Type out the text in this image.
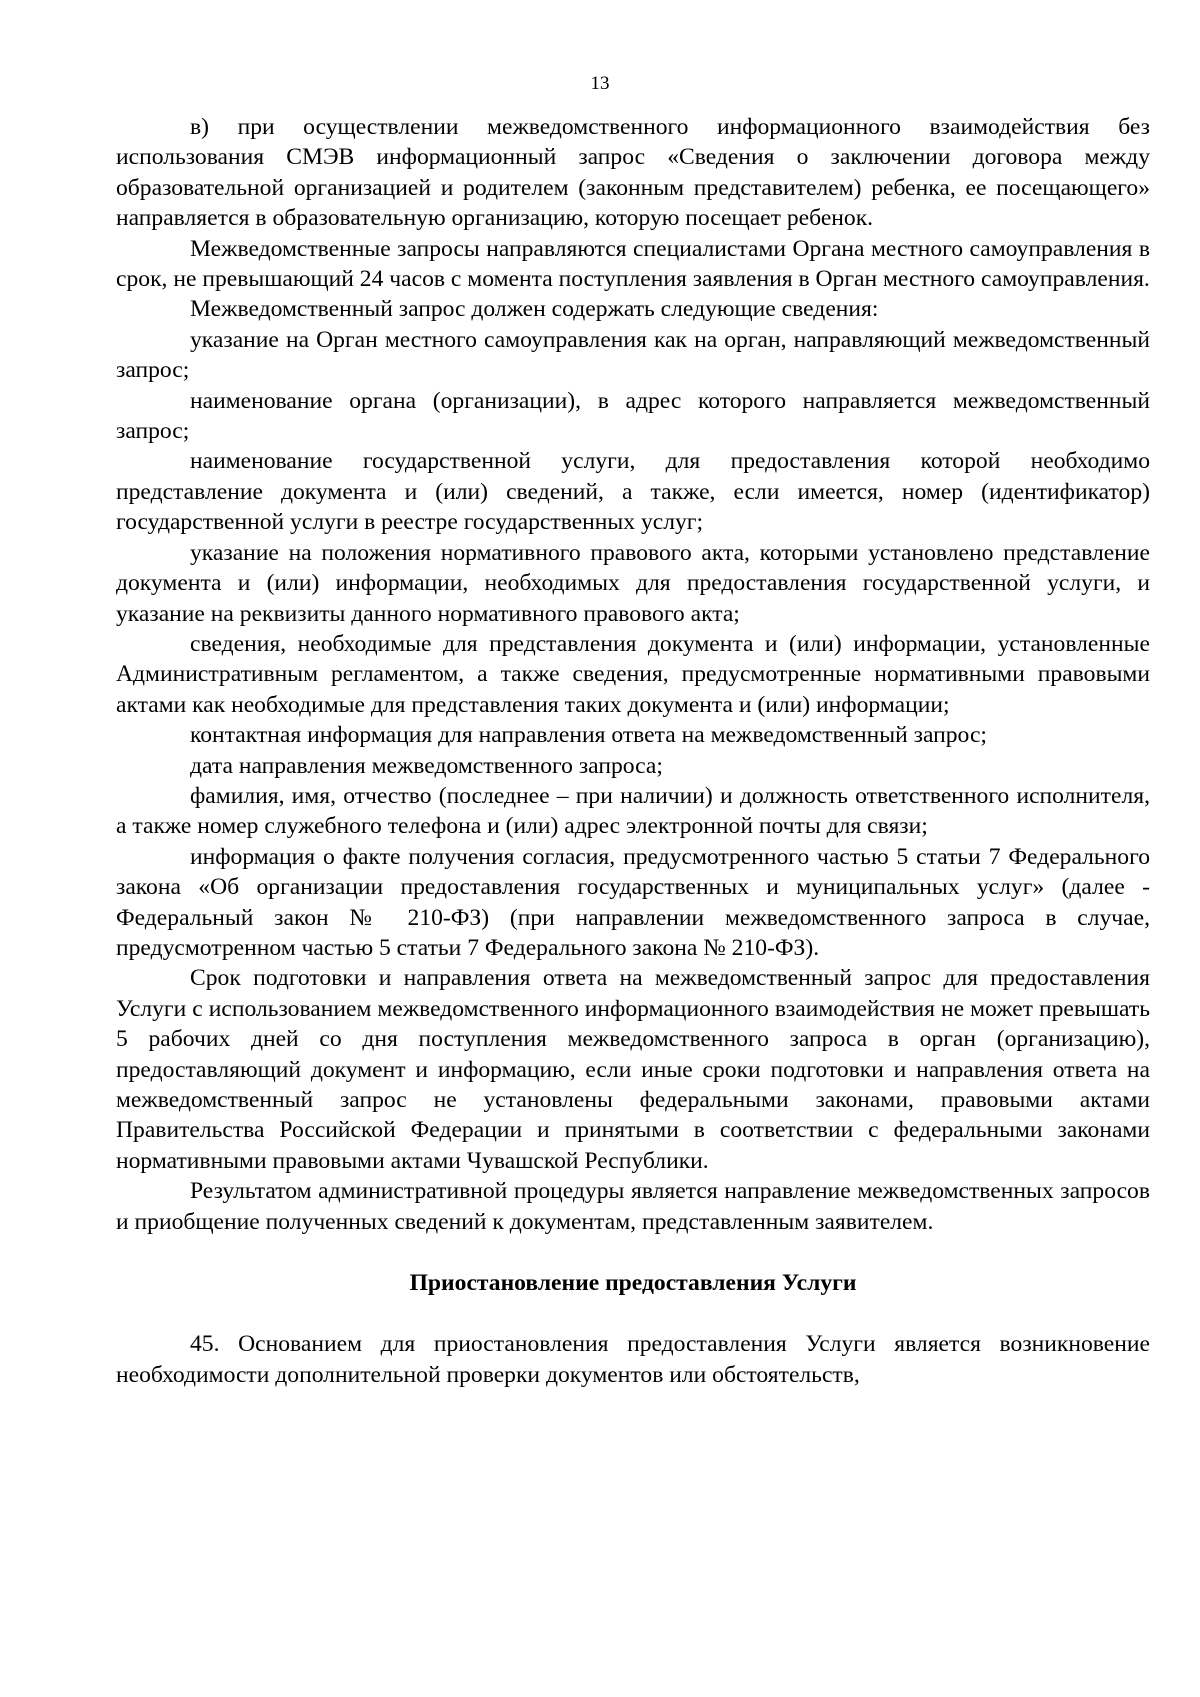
13

в) при осуществлении межведомственного информационного взаимодействия без использования СМЭВ информационный запрос «Сведения о заключении договора между образовательной организацией и родителем (законным представителем) ребенка, ее посещающего» направляется в образовательную организацию, которую посещает ребенок.

Межведомственные запросы направляются специалистами Органа местного самоуправления в срок, не превышающий 24 часов с момента поступления заявления в Орган местного самоуправления.

Межведомственный запрос должен содержать следующие сведения:

указание на Орган местного самоуправления как на орган, направляющий межведомственный запрос;

наименование органа (организации), в адрес которого направляется межведомственный запрос;

наименование государственной услуги, для предоставления которой необходимо представление документа и (или) сведений, а также, если имеется, номер (идентификатор) государственной услуги в реестре государственных услуг;

указание на положения нормативного правового акта, которыми установлено представление документа и (или) информации, необходимых для предоставления государственной услуги, и указание на реквизиты данного нормативного правового акта;

сведения, необходимые для представления документа и (или) информации, установленные Административным регламентом, а также сведения, предусмотренные нормативными правовыми актами как необходимые для представления таких документа и (или) информации;

контактная информация для направления ответа на межведомственный запрос;

дата направления межведомственного запроса;

фамилия, имя, отчество (последнее – при наличии) и должность ответственного исполнителя, а также номер служебного телефона и (или) адрес электронной почты для связи;

информация о факте получения согласия, предусмотренного частью 5 статьи 7 Федерального закона «Об организации предоставления государственных и муниципальных услуг» (далее - Федеральный закон № 210-ФЗ) (при направлении межведомственного запроса в случае, предусмотренном частью 5 статьи 7 Федерального закона № 210-ФЗ).

Срок подготовки и направления ответа на межведомственный запрос для предоставления Услуги с использованием межведомственного информационного взаимодействия не может превышать 5 рабочих дней со дня поступления межведомственного запроса в орган (организацию), предоставляющий документ и информацию, если иные сроки подготовки и направления ответа на межведомственный запрос не установлены федеральными законами, правовыми актами Правительства Российской Федерации и принятыми в соответствии с федеральными законами нормативными правовыми актами Чувашской Республики.

Результатом административной процедуры является направление межведомственных запросов и приобщение полученных сведений к документам, представленным заявителем.

Приостановление предоставления Услуги

45. Основанием для приостановления предоставления Услуги является возникновение необходимости дополнительной проверки документов или обстоятельств,
